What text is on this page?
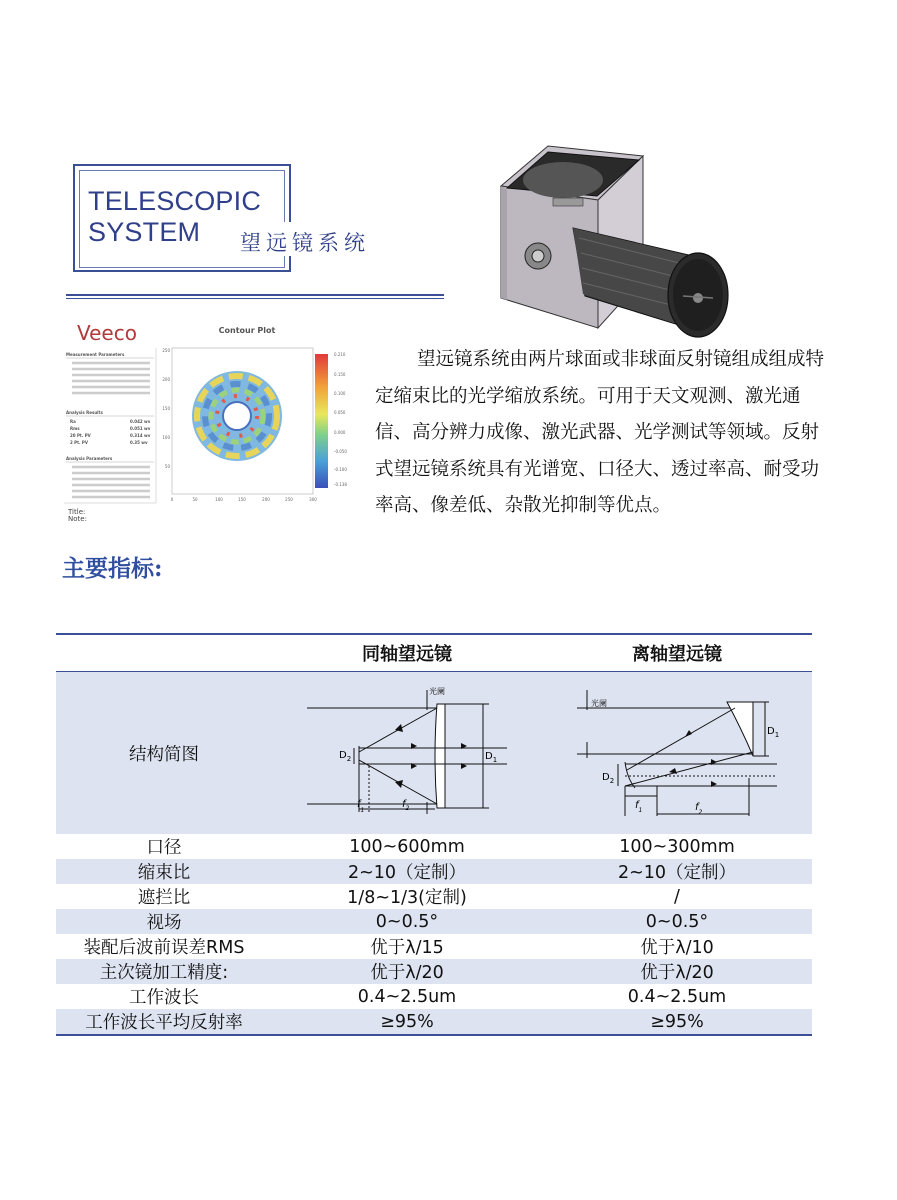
TELESCOPIC
SYSTEM	望远镜系统
Veeco	Contour Plot
Measurement Parameters
Analysis Results
Ra	0.042 wv
Rms	0.051 wv
20 Pt. PV	0.314 wv
2 Pt. PV	0.35 wv
Analysis Parameters
Title:
Note:
250
200
150
100
50
0	50	100	150	200	250	300
0.210
0.150
0.100
0.050
0.000
-0.050
-0.100
-0.138
望远镜系统由两片球面或非球面反射镜组成组成特定缩束比的光学缩放系统。可用于天文观测、激光通信、高分辨力成像、激光武器、光学测试等领域。反射式望远镜系统具有光谱宽、口径大、透过率高、耐受功率高、像差低、杂散光抑制等优点。
主要指标:
	同轴望远镜	离轴望远镜
结构简图	光阑
$D_2$ $D_1$
$f_1$
$f_2$	光阑
$D_1$
$D_2$
$f_1$ $f_2$

口径	100~600mm	100~300mm
缩束比	2~10（定制）	2~10（定制）
遮拦比	1/8~1/3(定制)	/
视场	0~0.5°	0~0.5°
装配后波前误差RMS	优于λ/15	优于λ/10
主次镜加工精度:	优于λ/20	优于λ/20
工作波长	0.4~2.5um	0.4~2.5um
工作波长平均反射率	≥95%	≥95%
